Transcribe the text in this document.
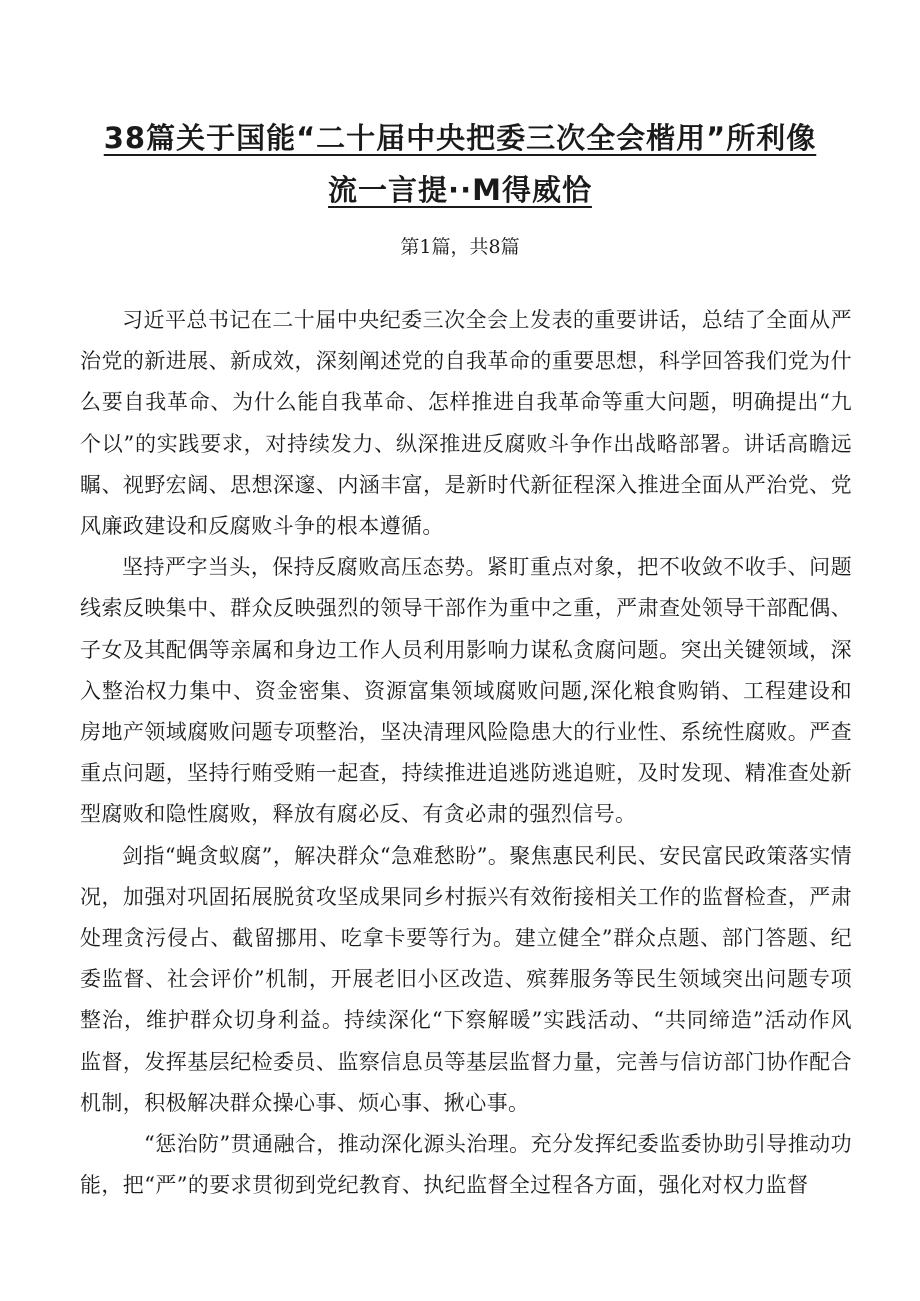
38篇关于国能“二十届中央把委三次全会楷用”所利像
流一言提··M得威恰

第1篇，共8篇

习近平总书记在二十届中央纪委三次全会上发表的重要讲话，总结了全面从严治党的新进展、新成效，深刻阐述党的自我革命的重要思想，科学回答我们党为什么要自我革命、为什么能自我革命、怎样推进自我革命等重大问题，明确提出“九个以”的实践要求，对持续发力、纵深推进反腐败斗争作出战略部署。讲话高瞻远瞩、视野宏阔、思想深邃、内涵丰富，是新时代新征程深入推进全面从严治党、党风廉政建设和反腐败斗争的根本遵循。

坚持严字当头，保持反腐败高压态势。紧盯重点对象，把不收敛不收手、问题线索反映集中、群众反映强烈的领导干部作为重中之重，严肃查处领导干部配偶、子女及其配偶等亲属和身边工作人员利用影响力谋私贪腐问题。突出关键领域，深入整治权力集中、资金密集、资源富集领域腐败问题,深化粮食购销、工程建设和房地产领域腐败问题专项整治，坚决清理风险隐患大的行业性、系统性腐败。严查重点问题，坚持行贿受贿一起查，持续推进追逃防逃追赃，及时发现、精准查处新型腐败和隐性腐败，释放有腐必反、有贪必肃的强烈信号。

剑指“蝇贪蚁腐”，解决群众“急难愁盼”。聚焦惠民利民、安民富民政策落实情况，加强对巩固拓展脱贫攻坚成果同乡村振兴有效衔接相关工作的监督检查，严肃处理贪污侵占、截留挪用、吃拿卡要等行为。建立健全”群众点题、部门答题、纪委监督、社会评价”机制，开展老旧小区改造、殡葬服务等民生领域突出问题专项整治，维护群众切身利益。持续深化“下察解暖”实践活动、“共同缔造”活动作风监督，发挥基层纪检委员、监察信息员等基层监督力量，完善与信访部门协作配合机制，积极解决群众操心事、烦心事、揪心事。

“惩治防”贯通融合，推动深化源头治理。充分发挥纪委监委协助引导推动功能，把“严”的要求贯彻到党纪教育、执纪监督全过程各方面，强化对权力监督
